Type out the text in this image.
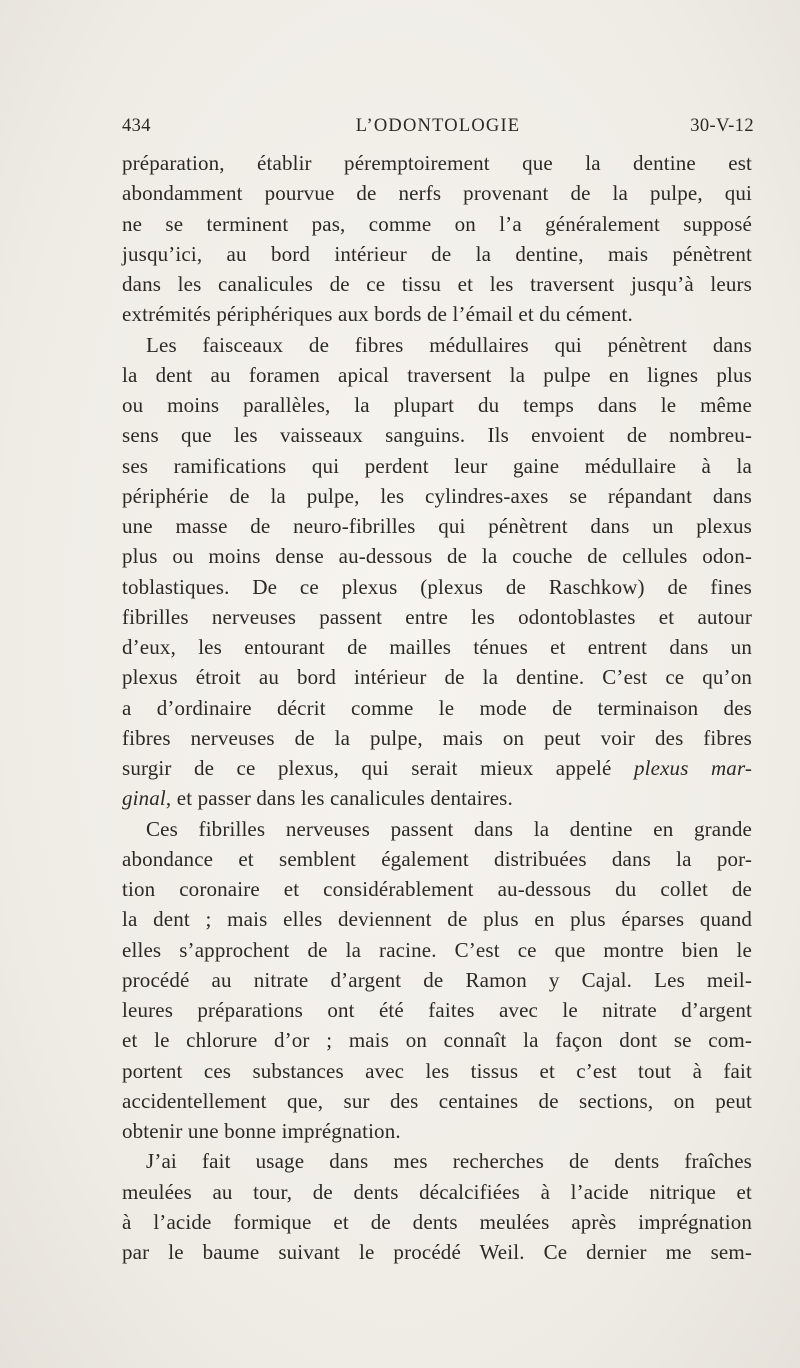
434	L’ODONTOLOGIE	30-V-12
préparation, établir péremptoirement que la dentine est
abondamment pourvue de nerfs provenant de la pulpe, qui
ne se terminent pas, comme on l’a généralement supposé
jusqu’ici, au bord intérieur de la dentine, mais pénètrent
dans les canalicules de ce tissu et les traversent jusqu’à leurs
extrémités périphériques aux bords de l’émail et du cément.
Les faisceaux de fibres médullaires qui pénètrent dans
la dent au foramen apical traversent la pulpe en lignes plus
ou moins parallèles, la plupart du temps dans le même
sens que les vaisseaux sanguins. Ils envoient de nombreu-
ses ramifications qui perdent leur gaine médullaire à la
périphérie de la pulpe, les cylindres-axes se répandant dans
une masse de neuro-fibrilles qui pénètrent dans un plexus
plus ou moins dense au-dessous de la couche de cellules odon-
toblastiques. De ce plexus (plexus de Raschkow) de fines
fibrilles nerveuses passent entre les odontoblastes et autour
d’eux, les entourant de mailles ténues et entrent dans un
plexus étroit au bord intérieur de la dentine. C’est ce qu’on
a d’ordinaire décrit comme le mode de terminaison des
fibres nerveuses de la pulpe, mais on peut voir des fibres
surgir de ce plexus, qui serait mieux appelé plexus mar-
ginal, et passer dans les canalicules dentaires.
Ces fibrilles nerveuses passent dans la dentine en grande
abondance et semblent également distribuées dans la por-
tion coronaire et considérablement au-dessous du collet de
la dent ; mais elles deviennent de plus en plus éparses quand
elles s’approchent de la racine. C’est ce que montre bien le
procédé au nitrate d’argent de Ramon y Cajal. Les meil-
leures préparations ont été faites avec le nitrate d’argent
et le chlorure d’or ; mais on connaît la façon dont se com-
portent ces substances avec les tissus et c’est tout à fait
accidentellement que, sur des centaines de sections, on peut
obtenir une bonne imprégnation.
J’ai fait usage dans mes recherches de dents fraîches
meulées au tour, de dents décalcifiées à l’acide nitrique et
à l’acide formique et de dents meulées après imprégnation
par le baume suivant le procédé Weil. Ce dernier me sem-
